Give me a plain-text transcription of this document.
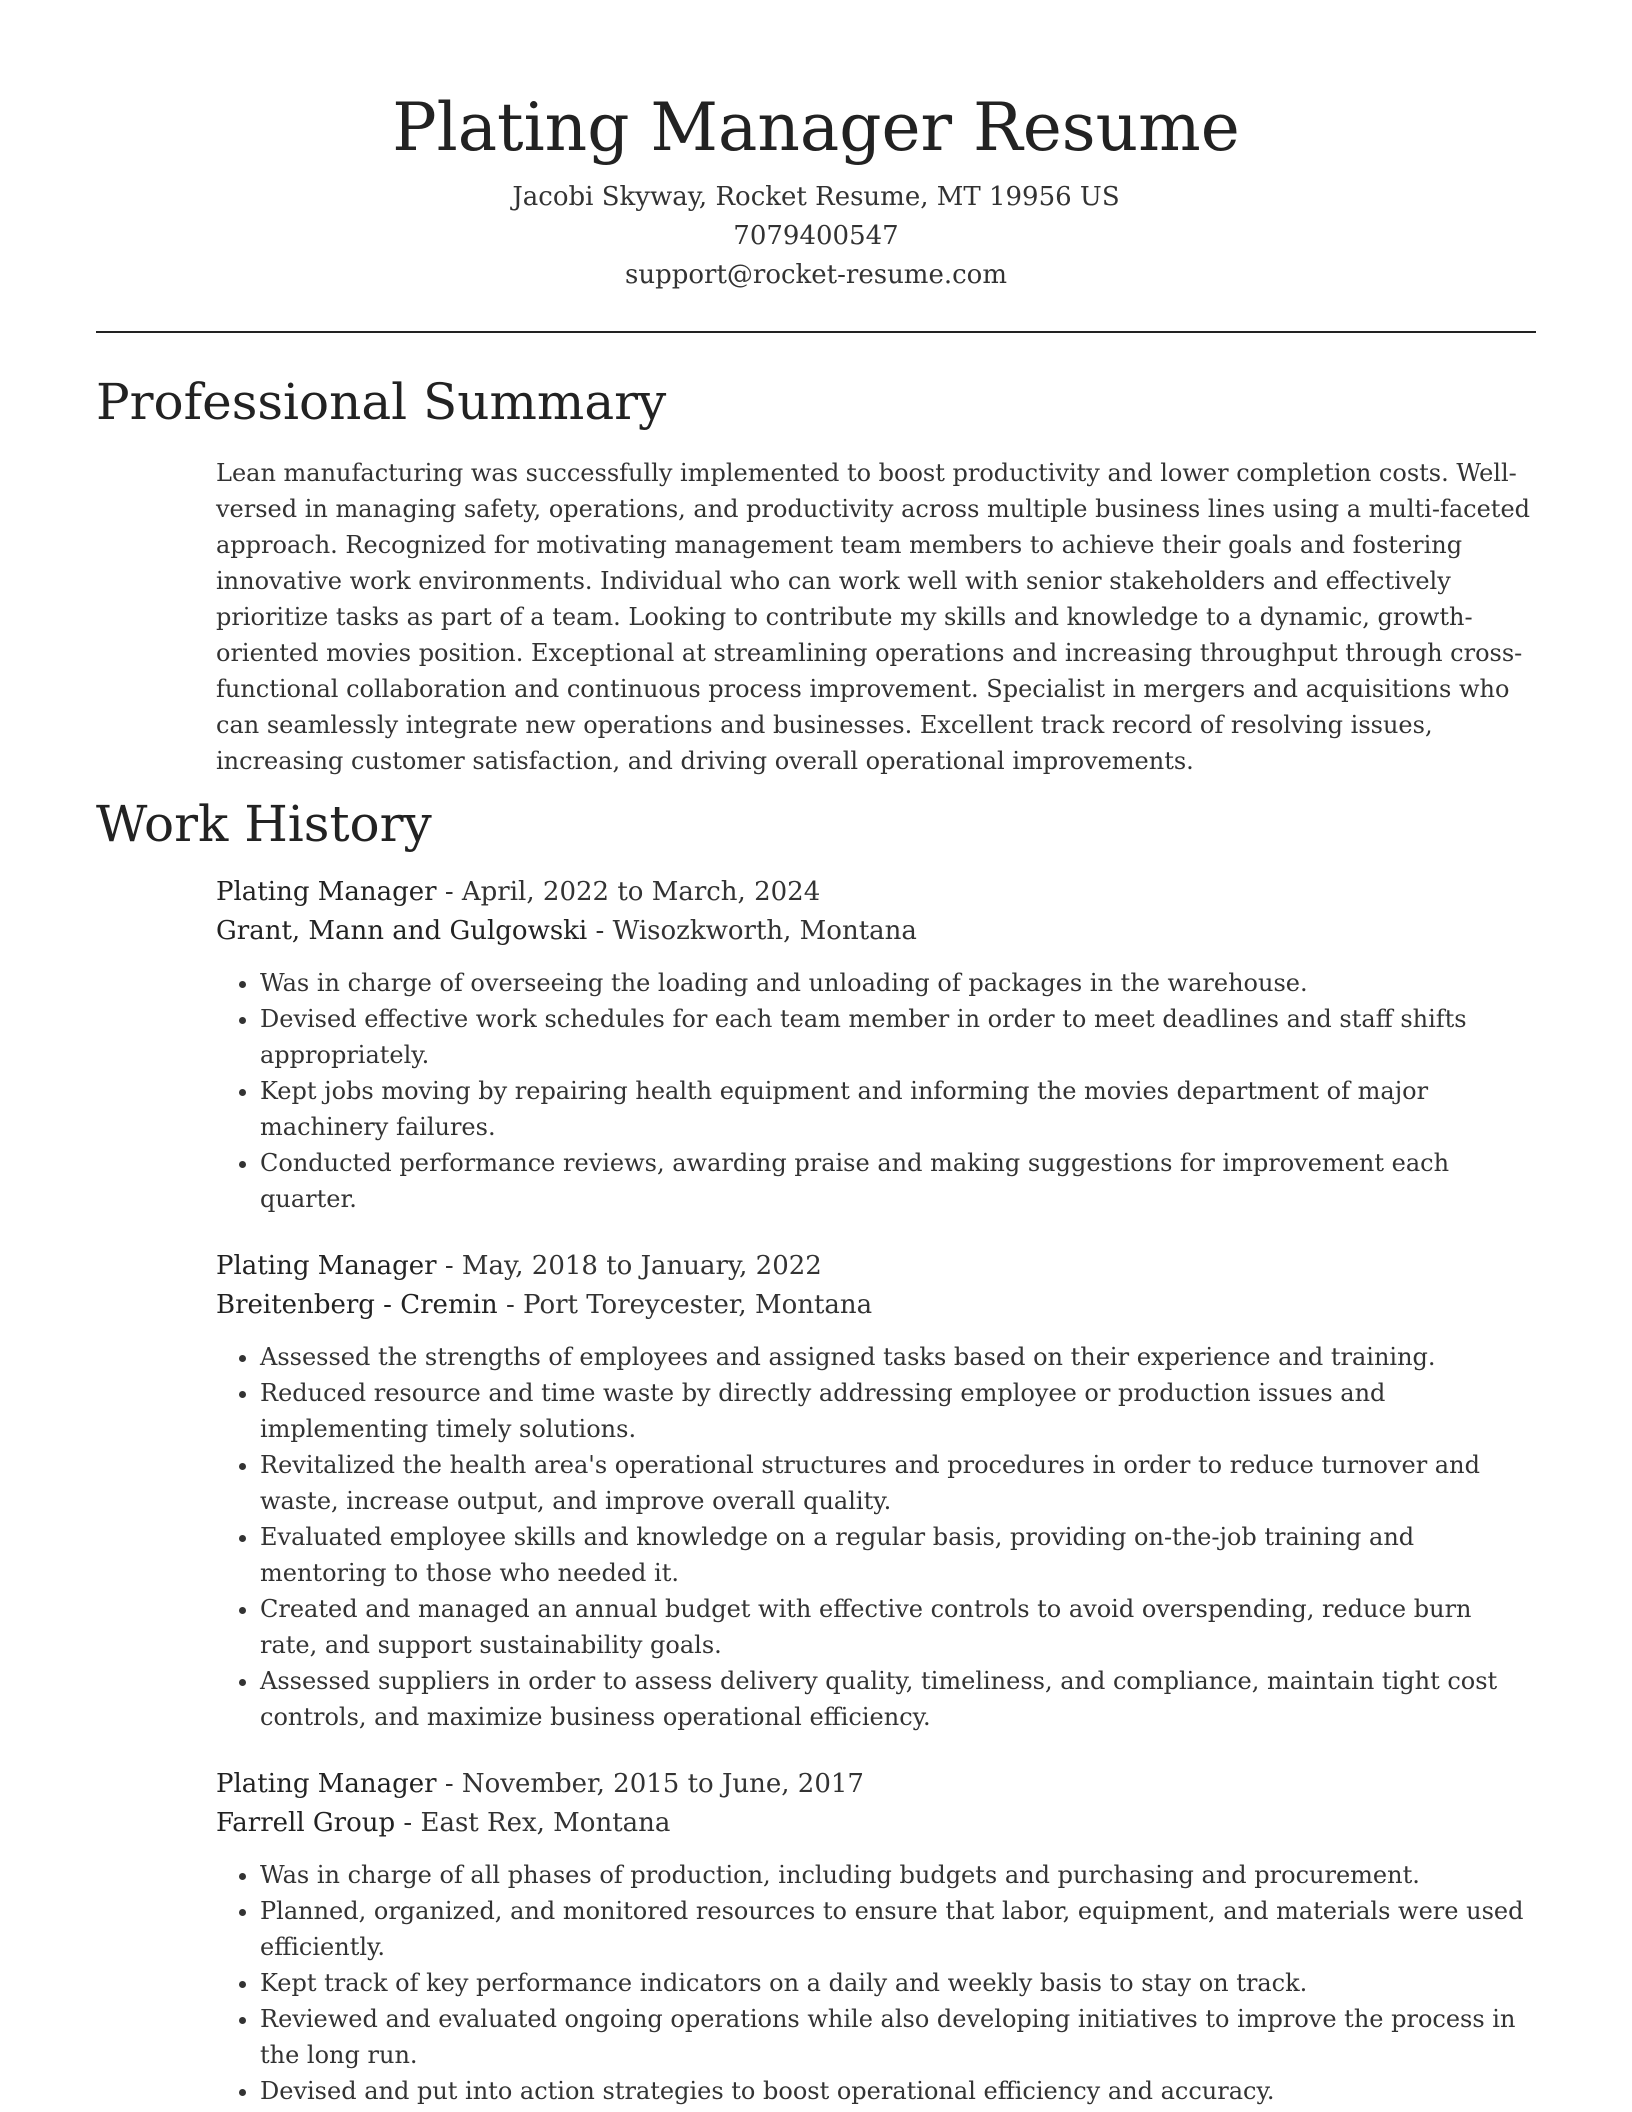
Plating Manager Resume
Jacobi Skyway, Rocket Resume, MT 19956 US
7079400547
support@rocket-resume.com
Professional Summary

Lean manufacturing was successfully implemented to boost productivity and lower completion costs. Well-versed in managing safety, operations, and productivity across multiple business lines using a multi-faceted approach. Recognized for motivating management team members to achieve their goals and fostering innovative work environments. Individual who can work well with senior stakeholders and effectively prioritize tasks as part of a team. Looking to contribute my skills and knowledge to a dynamic, growth-oriented movies position. Exceptional at streamlining operations and increasing throughput through cross-functional collaboration and continuous process improvement. Specialist in mergers and acquisitions who can seamlessly integrate new operations and businesses. Excellent track record of resolving issues, increasing customer satisfaction, and driving overall operational improvements.

Work History
Plating Manager - April, 2022 to March, 2024
Grant, Mann and Gulgowski - Wisozkworth, Montana
• Was in charge of overseeing the loading and unloading of packages in the warehouse.
• Devised effective work schedules for each team member in order to meet deadlines and staff shifts appropriately.
• Kept jobs moving by repairing health equipment and informing the movies department of major machinery failures.
• Conducted performance reviews, awarding praise and making suggestions for improvement each quarter.
Plating Manager - May, 2018 to January, 2022
Breitenberg - Cremin - Port Toreycester, Montana
• Assessed the strengths of employees and assigned tasks based on their experience and training.
• Reduced resource and time waste by directly addressing employee or production issues and implementing timely solutions.
• Revitalized the health area's operational structures and procedures in order to reduce turnover and waste, increase output, and improve overall quality.
• Evaluated employee skills and knowledge on a regular basis, providing on-the-job training and mentoring to those who needed it.
• Created and managed an annual budget with effective controls to avoid overspending, reduce burn rate, and support sustainability goals.
• Assessed suppliers in order to assess delivery quality, timeliness, and compliance, maintain tight cost controls, and maximize business operational efficiency.
Plating Manager - November, 2015 to June, 2017
Farrell Group - East Rex, Montana
• Was in charge of all phases of production, including budgets and purchasing and procurement.
• Planned, organized, and monitored resources to ensure that labor, equipment, and materials were used efficiently.
• Kept track of key performance indicators on a daily and weekly basis to stay on track.
• Reviewed and evaluated ongoing operations while also developing initiatives to improve the process in the long run.
• Devised and put into action strategies to boost operational efficiency and accuracy.
